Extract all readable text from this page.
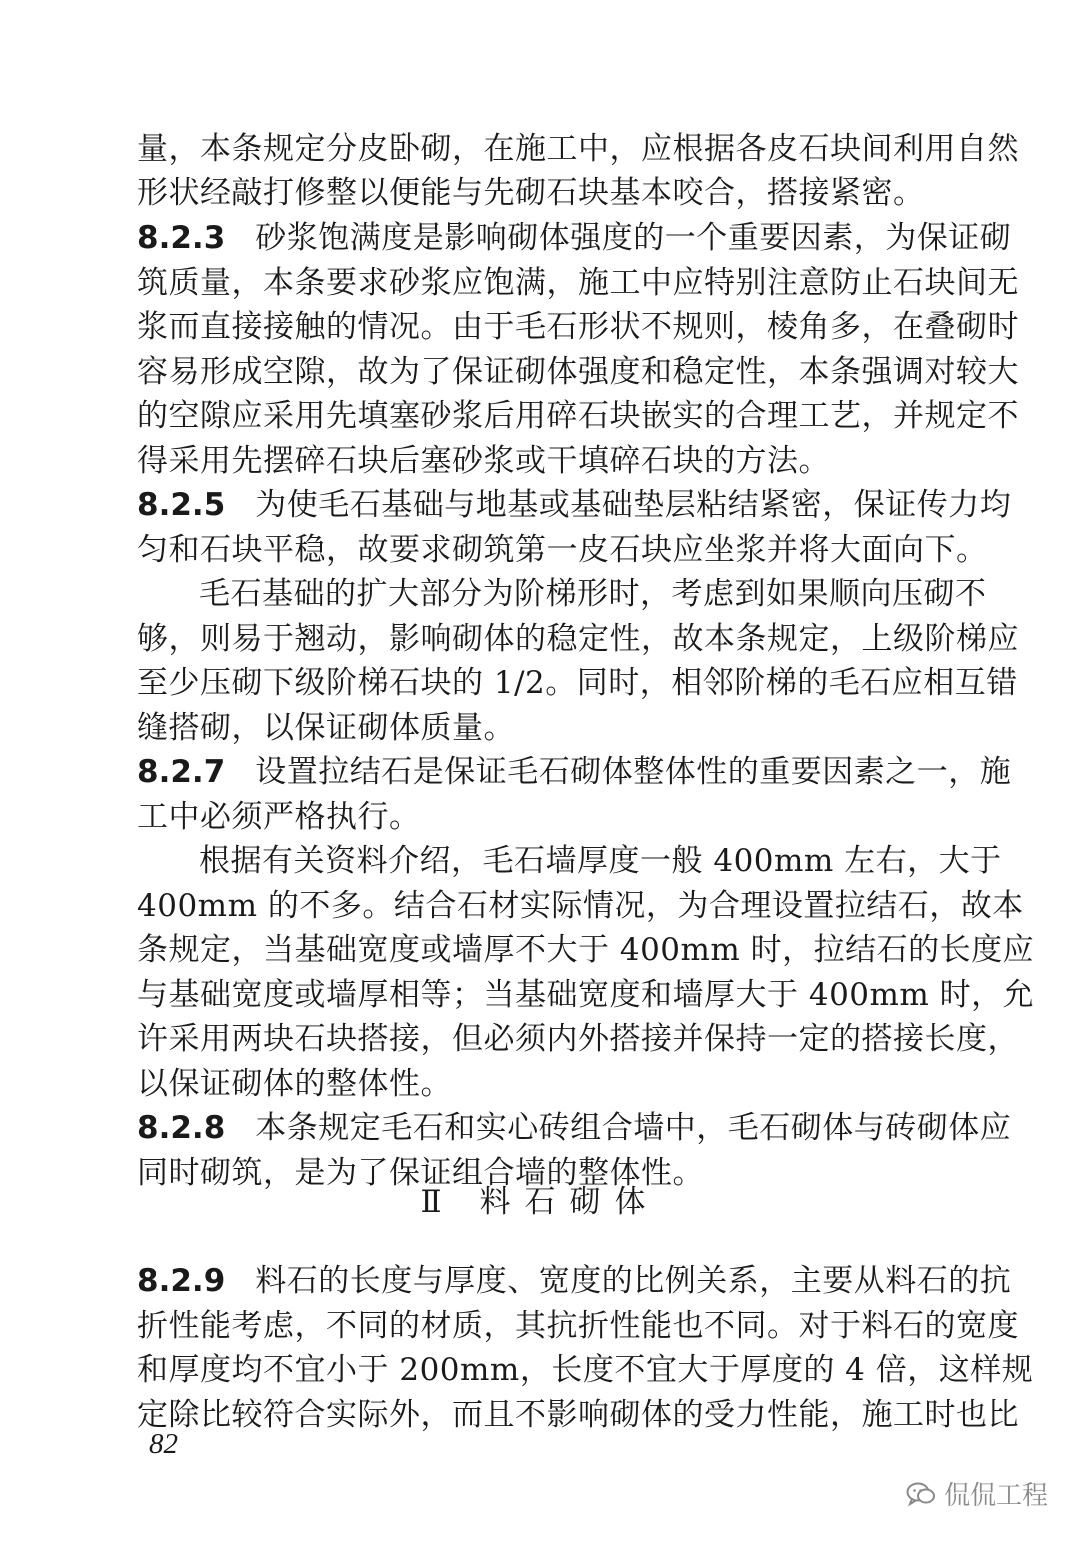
量，本条规定分皮卧砌，在施工中，应根据各皮石块间利用自然
形状经敲打修整以便能与先砌石块基本咬合，搭接紧密。
8.2.3 砂浆饱满度是影响砌体强度的一个重要因素，为保证砌
筑质量，本条要求砂浆应饱满，施工中应特别注意防止石块间无
浆而直接接触的情况。由于毛石形状不规则，棱角多，在叠砌时
容易形成空隙，故为了保证砌体强度和稳定性，本条强调对较大
的空隙应采用先填塞砂浆后用碎石块嵌实的合理工艺，并规定不
得采用先摆碎石块后塞砂浆或干填碎石块的方法。
8.2.5 为使毛石基础与地基或基础垫层粘结紧密，保证传力均
匀和石块平稳，故要求砌筑第一皮石块应坐浆并将大面向下。
毛石基础的扩大部分为阶梯形时，考虑到如果顺向压砌不
够，则易于翘动，影响砌体的稳定性，故本条规定，上级阶梯应
至少压砌下级阶梯石块的 1/2。同时，相邻阶梯的毛石应相互错
缝搭砌，以保证砌体质量。
8.2.7 设置拉结石是保证毛石砌体整体性的重要因素之一，施
工中必须严格执行。
根据有关资料介绍，毛石墙厚度一般 400mm 左右，大于
400mm 的不多。结合石材实际情况，为合理设置拉结石，故本
条规定，当基础宽度或墙厚不大于 400mm 时，拉结石的长度应
与基础宽度或墙厚相等；当基础宽度和墙厚大于 400mm 时，允
许采用两块石块搭接，但必须内外搭接并保持一定的搭接长度，
以保证砌体的整体性。
8.2.8 本条规定毛石和实心砖组合墙中，毛石砌体与砖砌体应
同时砌筑，是为了保证组合墙的整体性。
Ⅱ 料石砌体
8.2.9 料石的长度与厚度、宽度的比例关系，主要从料石的抗
折性能考虑，不同的材质，其抗折性能也不同。对于料石的宽度
和厚度均不宜小于 200mm，长度不宜大于厚度的 4 倍，这样规
定除比较符合实际外，而且不影响砌体的受力性能，施工时也比
82
侃侃工程
